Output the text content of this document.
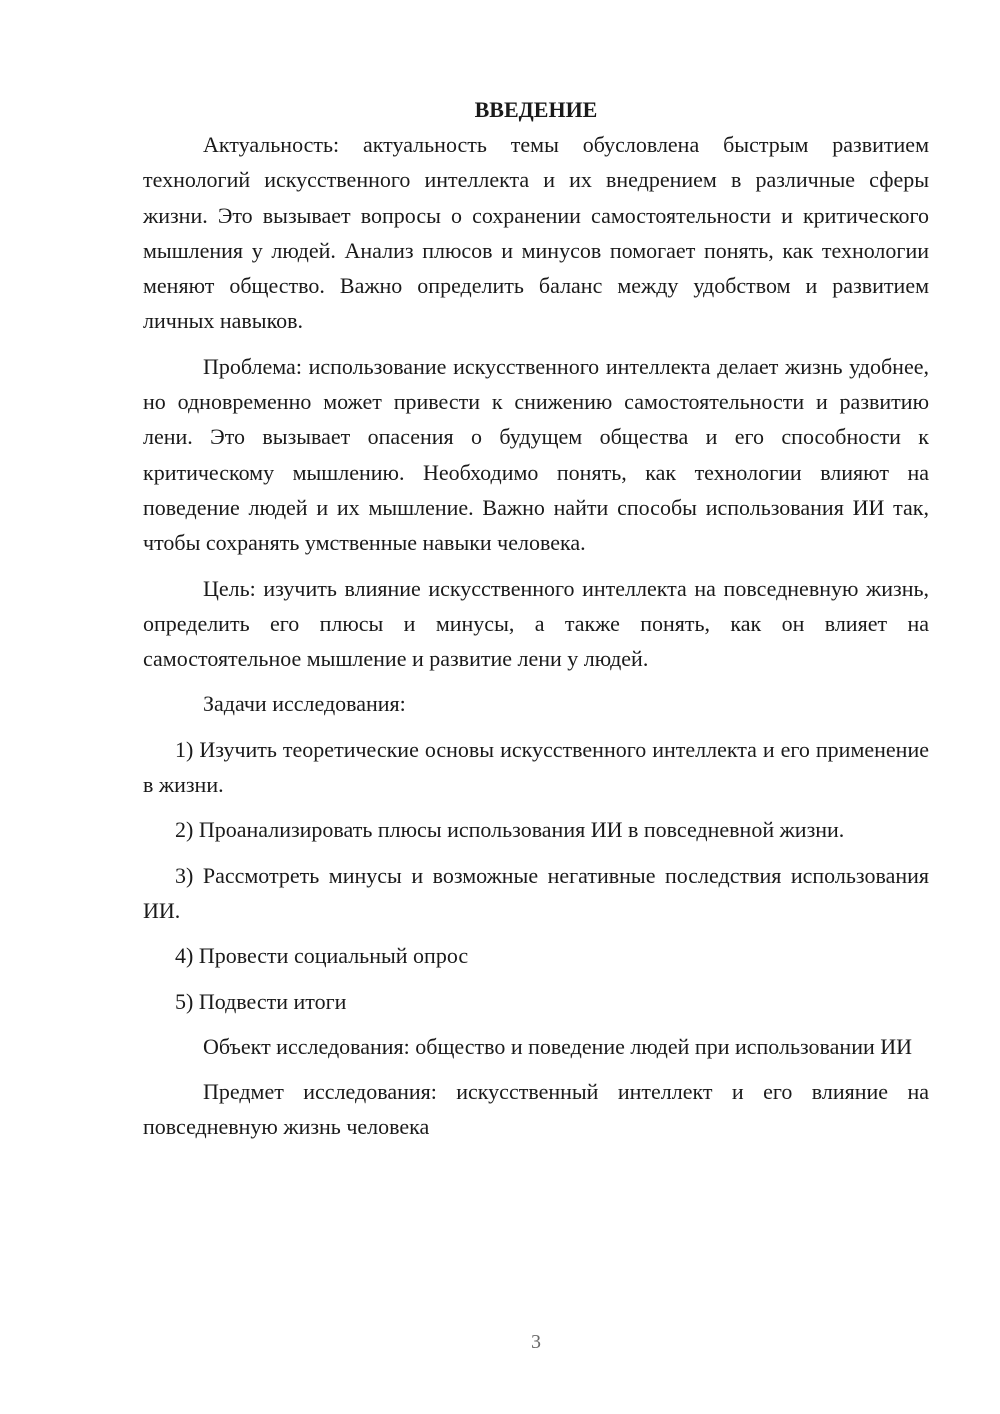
ВВЕДЕНИЕ

Актуальность: актуальность темы обусловлена быстрым развитием технологий искусственного интеллекта и их внедрением в различные сферы жизни. Это вызывает вопросы о сохранении самостоятельности и критического мышления у людей. Анализ плюсов и минусов помогает понять, как технологии меняют общество. Важно определить баланс между удобством и развитием личных навыков.

Проблема: использование искусственного интеллекта делает жизнь удобнее, но одновременно может привести к снижению самостоятельности и развитию лени. Это вызывает опасения о будущем общества и его способности к критическому мышлению. Необходимо понять, как технологии влияют на поведение людей и их мышление. Важно найти способы использования ИИ так, чтобы сохранять умственные навыки человека.

Цель: изучить влияние искусственного интеллекта на повседневную жизнь, определить его плюсы и минусы, а также понять, как он влияет на самостоятельное мышление и развитие лени у людей.

Задачи исследования:

1) Изучить теоретические основы искусственного интеллекта и его применение в жизни.

2) Проанализировать плюсы использования ИИ в повседневной жизни.

3) Рассмотреть минусы и возможные негативные последствия использования ИИ.

4) Провести социальный опрос

5) Подвести итоги

Объект исследования: общество и поведение людей при использовании ИИ

Предмет исследования: искусственный интеллект и его влияние на повседневную жизнь человека

3
